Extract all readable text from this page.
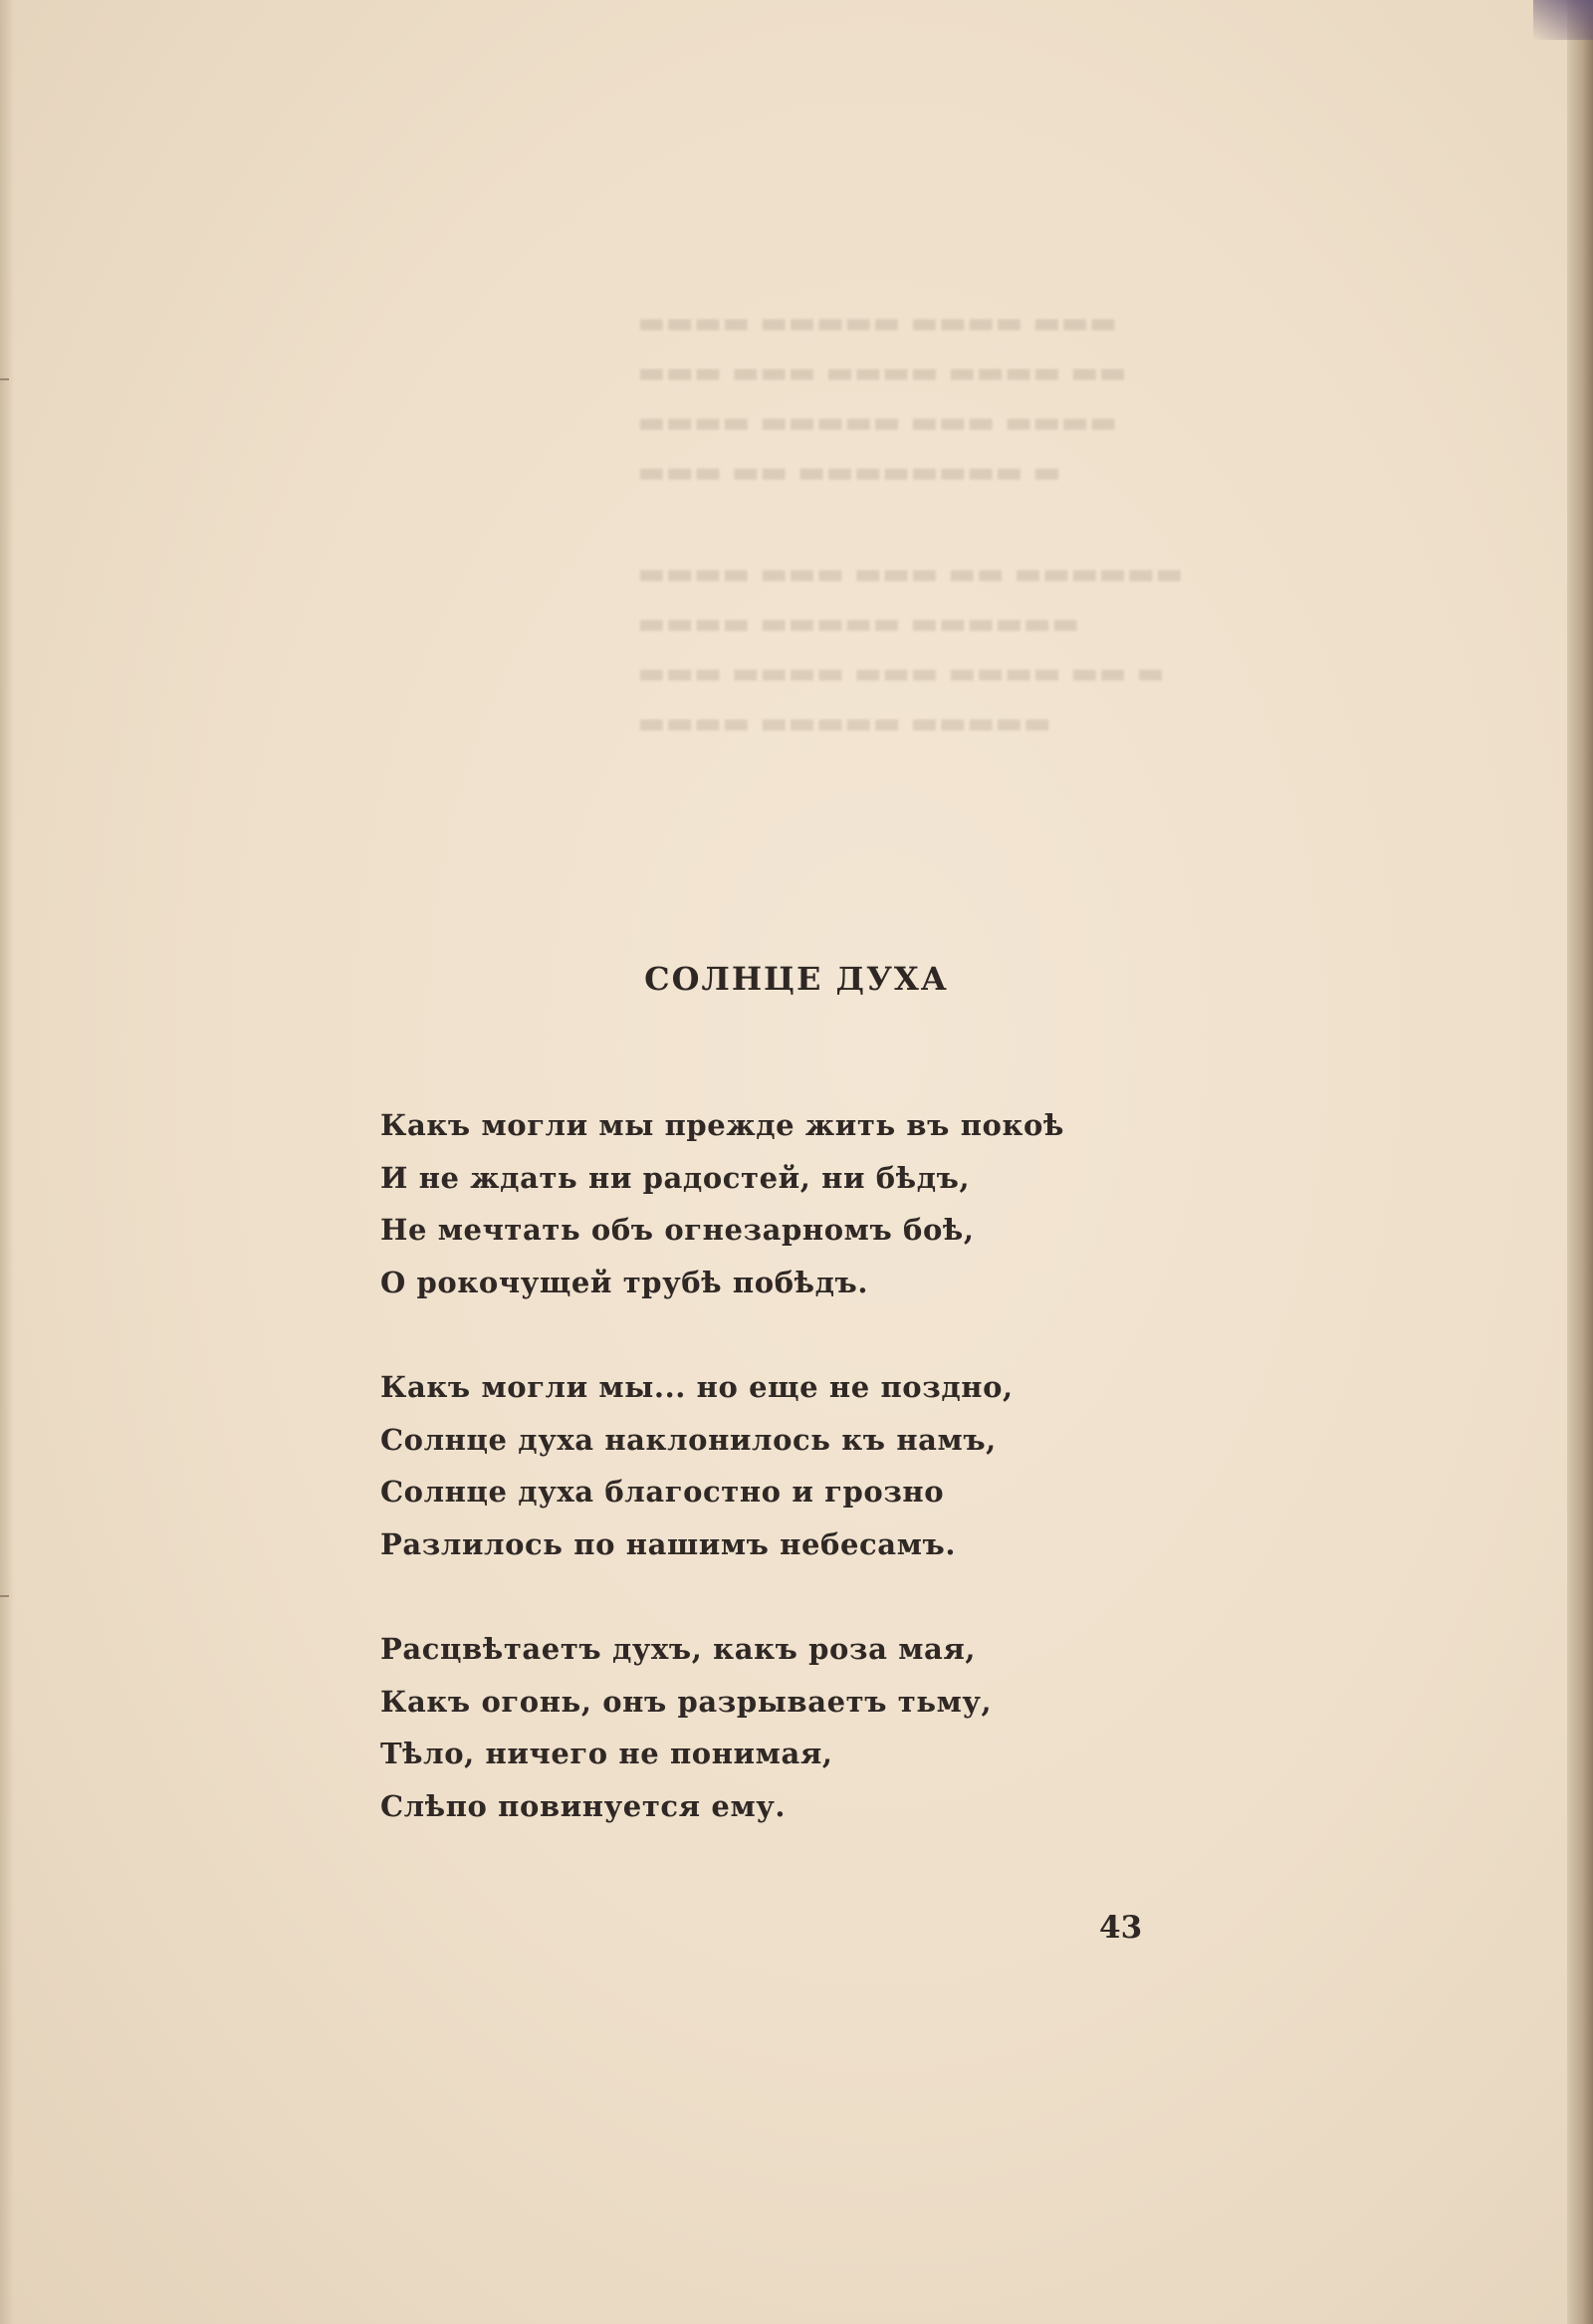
▬▬▬ ▬▬▬▬ ▬▬▬▬▬ ▬▬▬▬
▬▬ ▬▬▬▬ ▬▬▬▬ ▬▬▬ ▬▬▬
▬▬▬▬ ▬▬▬ ▬▬▬▬▬ ▬▬▬▬
▬ ▬▬▬▬▬▬▬▬ ▬▬ ▬▬▬
▬▬▬▬▬▬ ▬▬ ▬▬▬ ▬▬▬ ▬▬▬▬
▬▬▬▬▬▬ ▬▬▬▬▬ ▬▬▬▬
▬ ▬▬ ▬▬▬▬ ▬▬▬ ▬▬▬▬ ▬▬▬
▬▬▬▬▬ ▬▬▬▬▬ ▬▬▬▬
СОЛНЦЕ ДУХА

Какъ могли мы прежде жить въ покоѣ
И не ждать ни радостей, ни бѣдъ,
Не мечтать объ огнезарномъ боѣ,
О рокочущей трубѣ побѣдъ.

Какъ могли мы... но еще не поздно,
Солнце духа наклонилось къ намъ,
Солнце духа благостно и грозно
Разлилось по нашимъ небесамъ.

Расцвѣтаетъ духъ, какъ роза мая,
Какъ огонь, онъ разрываетъ тьму,
Тѣло, ничего не понимая,
Слѣпо повинуется ему.

43
